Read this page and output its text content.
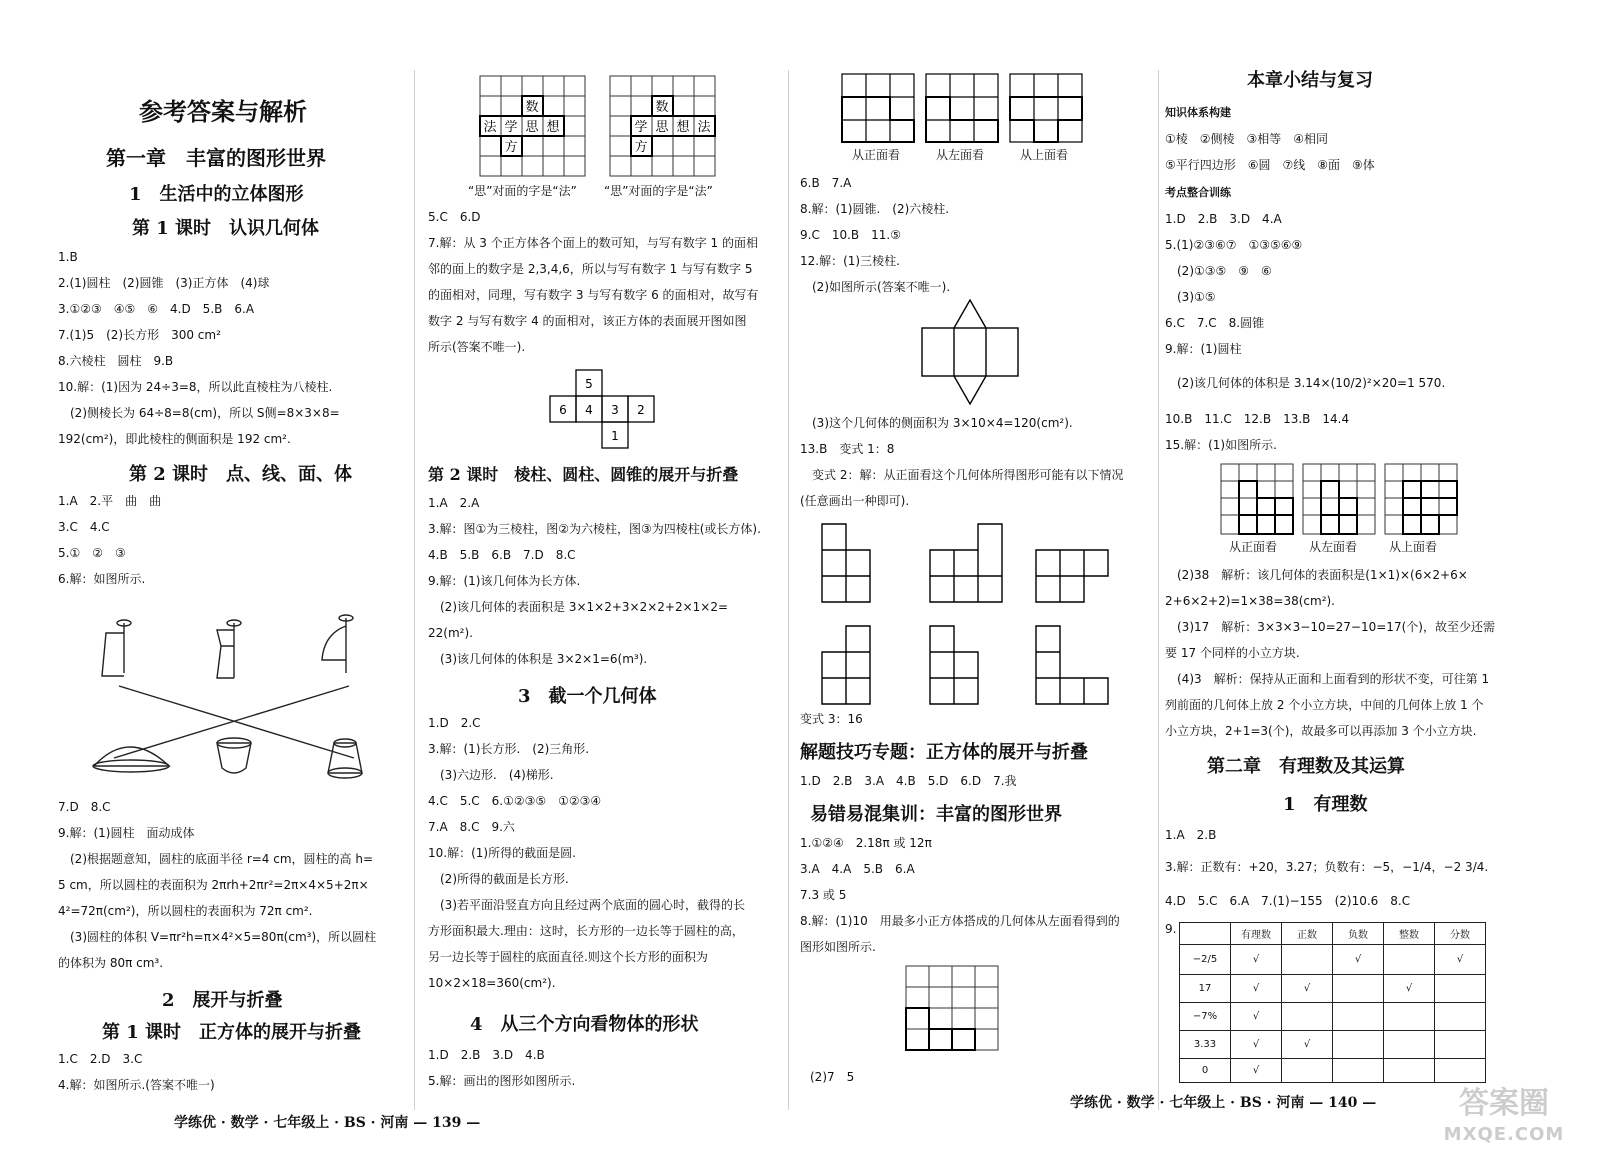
参考答案与解析
第一章　丰富的图形世界
1　生活中的立体图形
第 1 课时　认识几何体
1.B
2.(1)圆柱　(2)圆锥　(3)正方体　(4)球
3.①②③　④⑤　⑥　4.D　5.B　6.A
7.(1)5　(2)长方形　300 cm²
8.六棱柱　圆柱　9.B
10.解：(1)因为 24÷3=8，所以此直棱柱为八棱柱.
　(2)侧棱长为 64÷8=8(cm)，所以 S侧=8×3×8=
192(cm²)，即此棱柱的侧面积是 192 cm².
第 2 课时　点、线、面、体
1.A　2.平　曲　曲
3.C　4.C
5.①　②　③
6.解：如图所示.
7.D　8.C
9.解：(1)圆柱　面动成体
　(2)根据题意知，圆柱的底面半径 r=4 cm，圆柱的高 h=
5 cm，所以圆柱的表面积为 2πrh+2πr²=2π×4×5+2π×
4²=72π(cm²)，所以圆柱的表面积为 72π cm².
　(3)圆柱的体积 V=πr²h=π×4²×5=80π(cm³)，所以圆柱
的体积为 80π cm³.
2　展开与折叠
第 1 课时　正方体的展开与折叠
1.C　2.D　3.C
4.解：如图所示.(答案不唯一)
学练优 · 数学 · 七年级上 · BS · 河南 — 139 —
数
法 学 思 想
方
数
学 思 想 法
方
“思”对面的字是“法” “思”对面的字是“法”
5.C　6.D
7.解：从 3 个正方体各个面上的数可知，与写有数字 1 的面相
邻的面上的数字是 2,3,4,6，所以与写有数字 1 与写有数字 5
的面相对，同理，写有数字 3 与写有数字 6 的面相对，故写有
数字 2 与写有数字 4 的面相对，该正方体的表面展开图如图
所示(答案不唯一).
5
6 4 3 2
1
第 2 课时　棱柱、圆柱、圆锥的展开与折叠
1.A　2.A
3.解：图①为三棱柱，图②为六棱柱，图③为四棱柱(或长方体).
4.B　5.B　6.B　7.D　8.C
9.解：(1)该几何体为长方体.
　(2)该几何体的表面积是 3×1×2+3×2×2+2×1×2=
22(m²).
　(3)该几何体的体积是 3×2×1=6(m³).
3　截一个几何体
1.D　2.C
3.解：(1)长方形.　(2)三角形.
　(3)六边形.　(4)梯形.
4.C　5.C　6.①②③⑤　①②③④
7.A　8.C　9.六
10.解：(1)所得的截面是圆.
　(2)所得的截面是长方形.
　(3)若平面沿竖直方向且经过两个底面的圆心时，截得的长
方形面积最大.理由：这时，长方形的一边长等于圆柱的高，
另一边长等于圆柱的底面直径.则这个长方形的面积为
10×2×18=360(cm²).
4　从三个方向看物体的形状
1.D　2.B　3.D　4.B
5.解：画出的图形如图所示.
从正面看	从左面看	从上面看
6.B　7.A
8.解：(1)圆锥.　(2)六棱柱.
9.C　10.B　11.⑤
12.解：(1)三棱柱.
　(2)如图所示(答案不唯一).
　(3)这个几何体的侧面积为 3×10×4=120(cm²).
13.B　变式 1：8
　变式 2：解：从正面看这个几何体所得图形可能有以下情况
(任意画出一种即可).
变式 3：16
解题技巧专题：正方体的展开与折叠
1.D　2.B　3.A　4.B　5.D　6.D　7.我
易错易混集训：丰富的图形世界
1.①②④　2.18π 或 12π
3.A　4.A　5.B　6.A
7.3 或 5
8.解：(1)10　用最多小正方体搭成的几何体从左面看得到的
图形如图所示.
(2)7　5
本章小结与复习
知识体系构建
①棱　②侧棱　③相等　④相同
⑤平行四边形　⑥圆　⑦线　⑧面　⑨体
考点整合训练
1.D　2.B　3.D　4.A
5.(1)②③⑥⑦　①③⑤⑥⑨
　(2)①③⑤　⑨　⑥
　(3)①⑤
6.C　7.C　8.圆锥
9.解：(1)圆柱
　(2)该几何体的体积是 3.14×(10/2)²×20=1 570.
10.B　11.C　12.B　13.B　14.4
15.解：(1)如图所示.
从正面看	从左面看	从上面看
　(2)38　解析：该几何体的表面积是(1×1)×(6×2+6×
2+6×2+2)=1×38=38(cm²).
　(3)17　解析：3×3×3−10=27−10=17(个)，故至少还需
要 17 个同样的小立方块.
　(4)3　解析：保持从正面和上面看到的形状不变，可往第 1
列前面的几何体上放 2 个小立方块，中间的几何体上放 1 个
小立方块，2+1=3(个)，故最多可以再添加 3 个小立方块.
第二章　有理数及其运算
1　有理数
1.A　2.B
3.解：正数有：+20，3.27；负数有：−5，−1/4，−2 3/4.
4.D　5.C　6.A　7.(1)−155　(2)10.6　8.C
9.
		有理数	正数	负数	整数	分数
−2/5	√		√		√
17	√	√		√	
−7%	√				
3.33	√	√			
0	√				
学练优 · 数学 · 七年级上 · BS · 河南 — 140 —	答案圈
MXQE.COM
